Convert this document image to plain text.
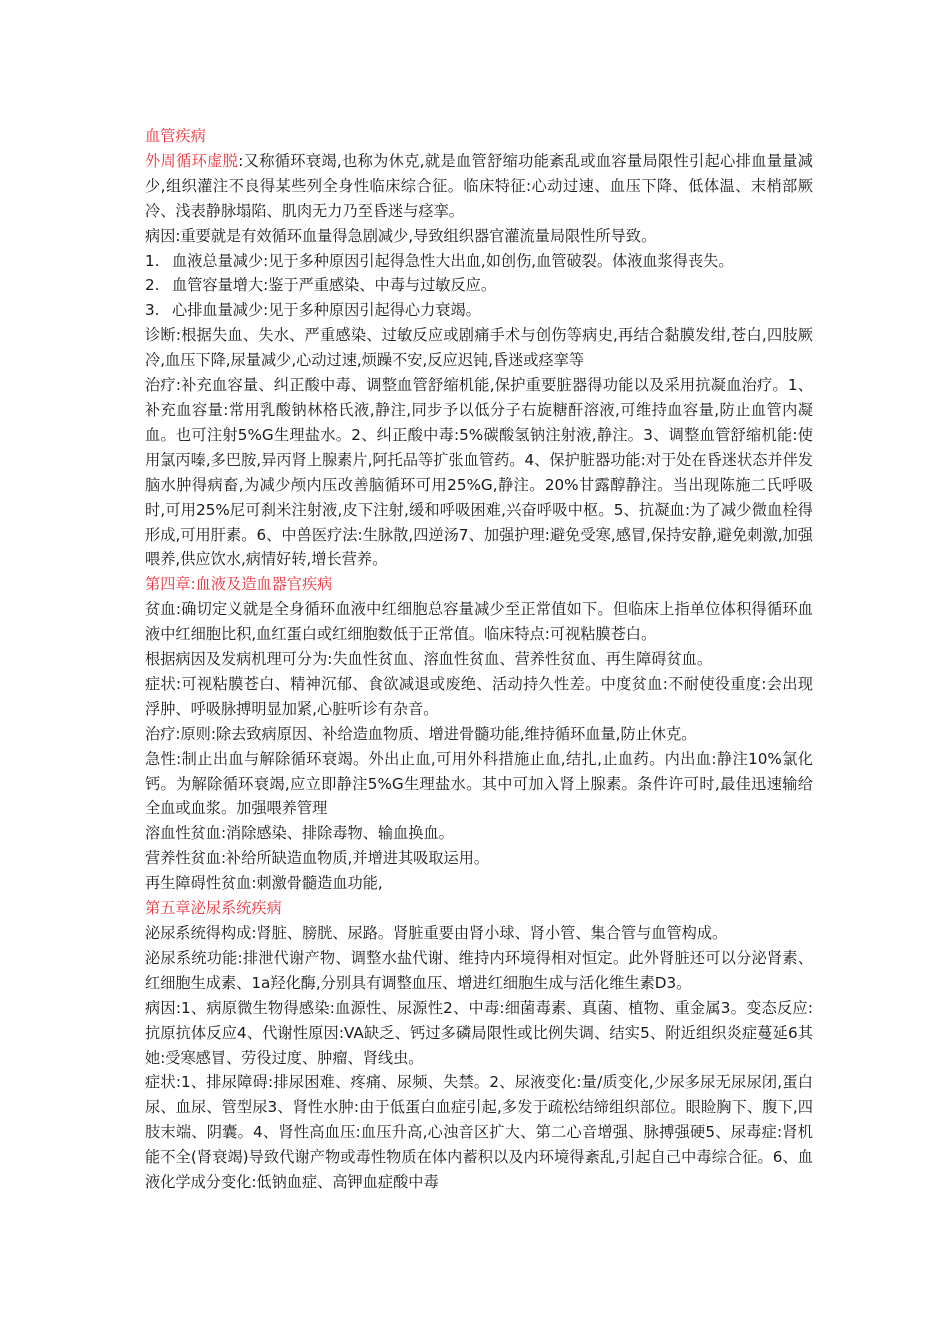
血管疾病

外周循环虚脱:又称循环衰竭,也称为休克,就是血管舒缩功能紊乱或血容量局限性引起心排血量量减少,组织灌注不良得某些列全身性临床综合征。临床特征:心动过速、血压下降、低体温、末梢部厥冷、浅表静脉塌陷、肌肉无力乃至昏迷与痉挛。

病因:重要就是有效循环血量得急剧减少,导致组织器官灌流量局限性所导致。

1. 血液总量减少:见于多种原因引起得急性大出血,如创伤,血管破裂。体液血浆得丧失。

2. 血管容量增大:鉴于严重感染、中毒与过敏反应。

3. 心排血量减少:见于多种原因引起得心力衰竭。

诊断:根据失血、失水、严重感染、过敏反应或剧痛手术与创伤等病史,再结合黏膜发绀,苍白,四肢厥冷,血压下降,尿量减少,心动过速,烦躁不安,反应迟钝,昏迷或痉挛等

治疗:补充血容量、纠正酸中毒、调整血管舒缩机能,保护重要脏器得功能以及采用抗凝血治疗。1、补充血容量:常用乳酸钠林格氏液,静注,同步予以低分子右旋糖酐溶液,可维持血容量,防止血管内凝血。也可注射5%G生理盐水。2、纠正酸中毒:5%碳酸氢钠注射液,静注。3、调整血管舒缩机能:使用氯丙嗪,多巴胺,异丙肾上腺素片,阿托品等扩张血管药。4、保护脏器功能:对于处在昏迷状态并伴发脑水肿得病畜,为减少颅内压改善脑循环可用25%G,静注。20%甘露醇静注。当出现陈施二氏呼吸时,可用25%尼可刹米注射液,皮下注射,缓和呼吸困难,兴奋呼吸中枢。5、抗凝血:为了减少微血栓得形成,可用肝素。6、中兽医疗法:生脉散,四逆汤7、加强护理:避免受寒,感冒,保持安静,避免刺激,加强喂养,供应饮水,病情好转,增长营养。

第四章:血液及造血器官疾病

贫血:确切定义就是全身循环血液中红细胞总容量减少至正常值如下。但临床上指单位体积得循环血液中红细胞比积,血红蛋白或红细胞数低于正常值。临床特点:可视粘膜苍白。

根据病因及发病机理可分为:失血性贫血、溶血性贫血、营养性贫血、再生障碍贫血。

症状:可视粘膜苍白、精神沉郁、食欲减退或废绝、活动持久性差。中度贫血:不耐使役重度:会出现浮肿、呼吸脉搏明显加紧,心脏听诊有杂音。

治疗:原则:除去致病原因、补给造血物质、增进骨髓功能,维持循环血量,防止休克。

急性:制止出血与解除循环衰竭。外出止血,可用外科措施止血,结扎,止血药。内出血:静注10%氯化钙。为解除循环衰竭,应立即静注5%G生理盐水。其中可加入肾上腺素。条件许可时,最佳迅速输给全血或血浆。加强喂养管理

溶血性贫血:消除感染、排除毒物、输血换血。

营养性贫血:补给所缺造血物质,并增进其吸取运用。

再生障碍性贫血:刺激骨髓造血功能,

第五章泌尿系统疾病

泌尿系统得构成:肾脏、膀胱、尿路。肾脏重要由肾小球、肾小管、集合管与血管构成。

泌尿系统功能:排泄代谢产物、调整水盐代谢、维持内环境得相对恒定。此外肾脏还可以分泌肾素、红细胞生成素、1a羟化酶,分别具有调整血压、增进红细胞生成与活化维生素D3。

病因:1、病原微生物得感染:血源性、尿源性2、中毒:细菌毒素、真菌、植物、重金属3。变态反应:抗原抗体反应4、代谢性原因:VA缺乏、钙过多磷局限性或比例失调、结实5、附近组织炎症蔓延6其她:受寒感冒、劳役过度、肿瘤、肾线虫。

症状:1、排尿障碍:排尿困难、疼痛、尿频、失禁。2、尿液变化:量/质变化,少尿多尿无尿尿闭,蛋白尿、血尿、管型尿3、肾性水肿:由于低蛋白血症引起,多发于疏松结缔组织部位。眼睑胸下、腹下,四肢末端、阴囊。4、肾性高血压:血压升高,心浊音区扩大、第二心音增强、脉搏强硬5、尿毒症:肾机能不全(肾衰竭)导致代谢产物或毒性物质在体内蓄积以及内环境得紊乱,引起自己中毒综合征。6、血液化学成分变化:低钠血症、高钾血症酸中毒
